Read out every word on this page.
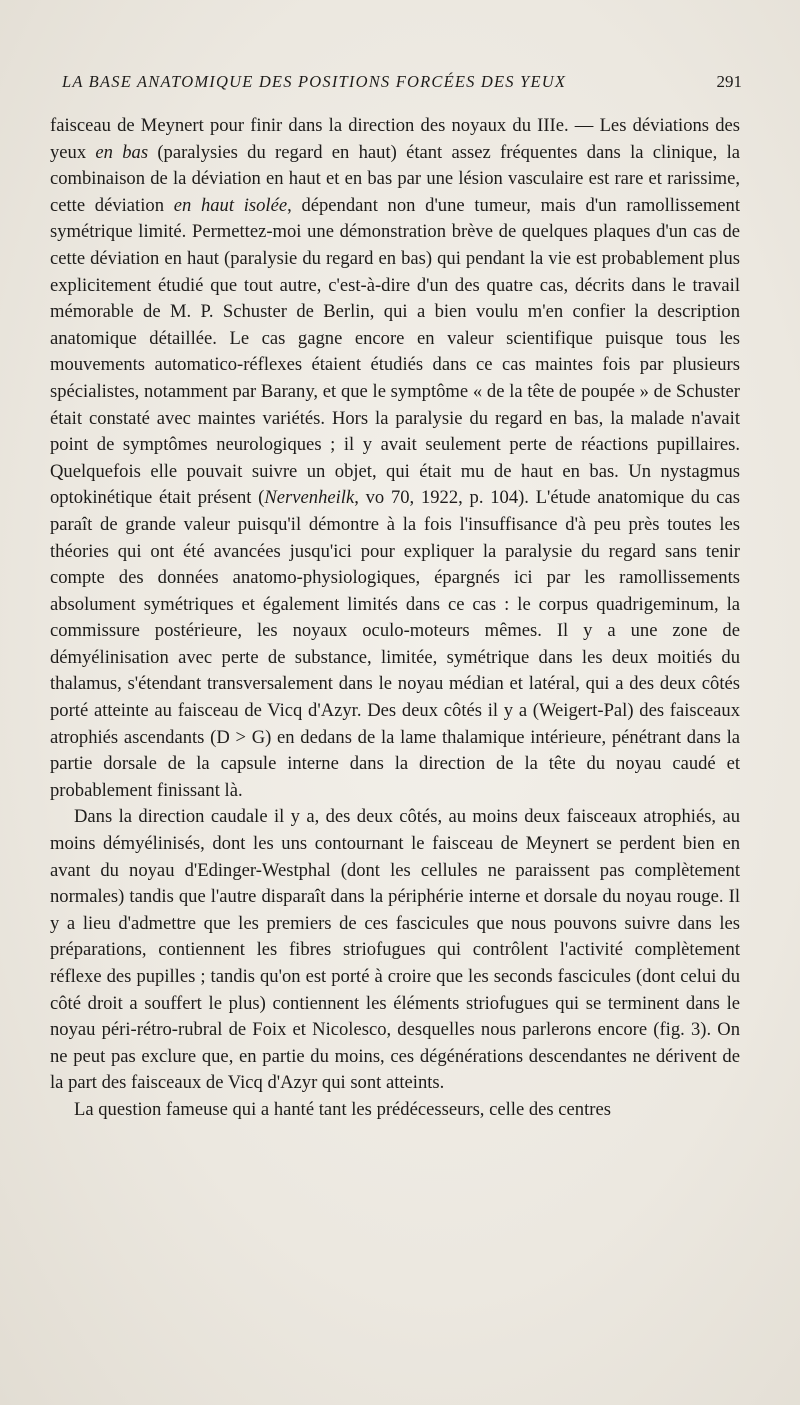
LA BASE ANATOMIQUE DES POSITIONS FORCÉES DES YEUX	291

faisceau de Meynert pour finir dans la direction des noyaux du IIIe. — Les déviations des yeux en bas (paralysies du regard en haut) étant assez fréquentes dans la clinique, la combinaison de la déviation en haut et en bas par une lésion vasculaire est rare et rarissime, cette déviation en haut isolée, dépendant non d'une tumeur, mais d'un ramollissement symétrique limité. Permettez-moi une démonstration brève de quelques plaques d'un cas de cette déviation en haut (paralysie du regard en bas) qui pendant la vie est probablement plus explicitement étudié que tout autre, c'est-à-dire d'un des quatre cas, décrits dans le travail mémorable de M. P. Schuster de Berlin, qui a bien voulu m'en confier la description anatomique détaillée. Le cas gagne encore en valeur scientifique puisque tous les mouvements automatico-réflexes étaient étudiés dans ce cas maintes fois par plusieurs spécialistes, notamment par Barany, et que le symptôme « de la tête de poupée » de Schuster était constaté avec maintes variétés. Hors la paralysie du regard en bas, la malade n'avait point de symptômes neurologiques ; il y avait seulement perte de réactions pupillaires. Quelquefois elle pouvait suivre un objet, qui était mu de haut en bas. Un nystagmus optokinétique était présent (Nervenheilk, vo 70, 1922, p. 104). L'étude anatomique du cas paraît de grande valeur puisqu'il démontre à la fois l'insuffisance d'à peu près toutes les théories qui ont été avancées jusqu'ici pour expliquer la paralysie du regard sans tenir compte des données anatomo-physiologiques, épargnés ici par les ramollissements absolument symétriques et également limités dans ce cas : le corpus quadrigeminum, la commissure postérieure, les noyaux oculo-moteurs mêmes. Il y a une zone de démyélinisation avec perte de substance, limitée, symétrique dans les deux moitiés du thalamus, s'étendant transversalement dans le noyau médian et latéral, qui a des deux côtés porté atteinte au faisceau de Vicq d'Azyr. Des deux côtés il y a (Weigert-Pal) des faisceaux atrophiés ascendants (D > G) en dedans de la lame thalamique intérieure, pénétrant dans la partie dorsale de la capsule interne dans la direction de la tête du noyau caudé et probablement finissant là.

Dans la direction caudale il y a, des deux côtés, au moins deux faisceaux atrophiés, au moins démyélinisés, dont les uns contournant le faisceau de Meynert se perdent bien en avant du noyau d'Edinger-Westphal (dont les cellules ne paraissent pas complètement normales) tandis que l'autre disparaît dans la périphérie interne et dorsale du noyau rouge. Il y a lieu d'admettre que les premiers de ces fascicules que nous pouvons suivre dans les préparations, contiennent les fibres striofugues qui contrôlent l'activité complètement réflexe des pupilles ; tandis qu'on est porté à croire que les seconds fascicules (dont celui du côté droit a souffert le plus) contiennent les éléments striofugues qui se terminent dans le noyau péri-rétro-rubral de Foix et Nicolesco, desquelles nous parlerons encore (fig. 3). On ne peut pas exclure que, en partie du moins, ces dégénérations descendantes ne dérivent de la part des faisceaux de Vicq d'Azyr qui sont atteints.

La question fameuse qui a hanté tant les prédécesseurs, celle des centres
